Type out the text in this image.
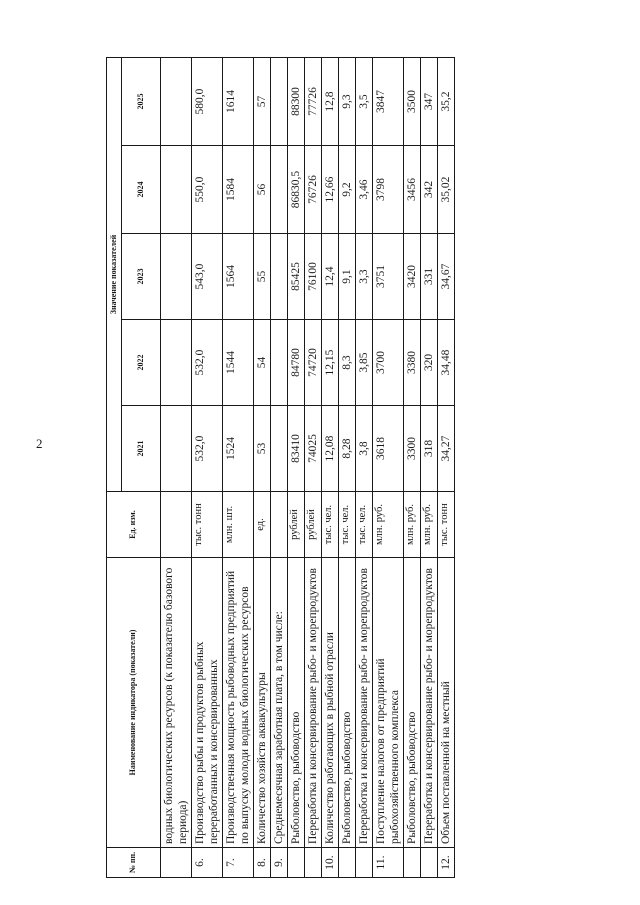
2
№ пп.	Наименование индикатора (показатели)	Ед. изм.	Значение показателей				
			2021	2022	2023	2024	2025
	водных биологических ресурсов (к показателю базового периода)						
6.	Производство рыбы и продуктов рыбных переработанных и консервированных	тыс. тонн	532,0	532,0	543,0	550,0	580,0
7.	Производственная мощность рыбоводных предприятий по выпуску молоди водных биологических ресурсов	млн. шт.	1524	1544	1564	1584	1614
8.	Количество хозяйств аквакультуры	ед.	53	54	55	56	57
9.	Среднемесячная заработная плата, в том числе:						
	Рыболовство, рыбоводство	рублей	83410	84780	85425	86830,5	88300
	Переработка и консервирование рыбо- и морепродуктов	рублей	74025	74720	76100	76726	77726
10.	Количество работающих в рыбной отрасли	тыс. чел.	12,08	12,15	12,4	12,66	12,8
	Рыболовство, рыбоводство	тыс. чел.	8,28	8,3	9,1	9,2	9,3
	Переработка и консервирование рыбо- и морепродуктов	тыс. чел.	3,8	3,85	3,3	3,46	3,5
11.	Поступление налогов от предприятий рыбохозяйственного комплекса	млн. руб.	3618	3700	3751	3798	3847
	Рыболовство, рыбоводство	млн. руб.	3300	3380	3420	3456	3500
	Переработка и консервирование рыбо- и морепродуктов	млн. руб.	318	320	331	342	347
12.	Объем поставленной на местный	тыс. тонн	34,27	34,48	34,67	35,02	35,2
